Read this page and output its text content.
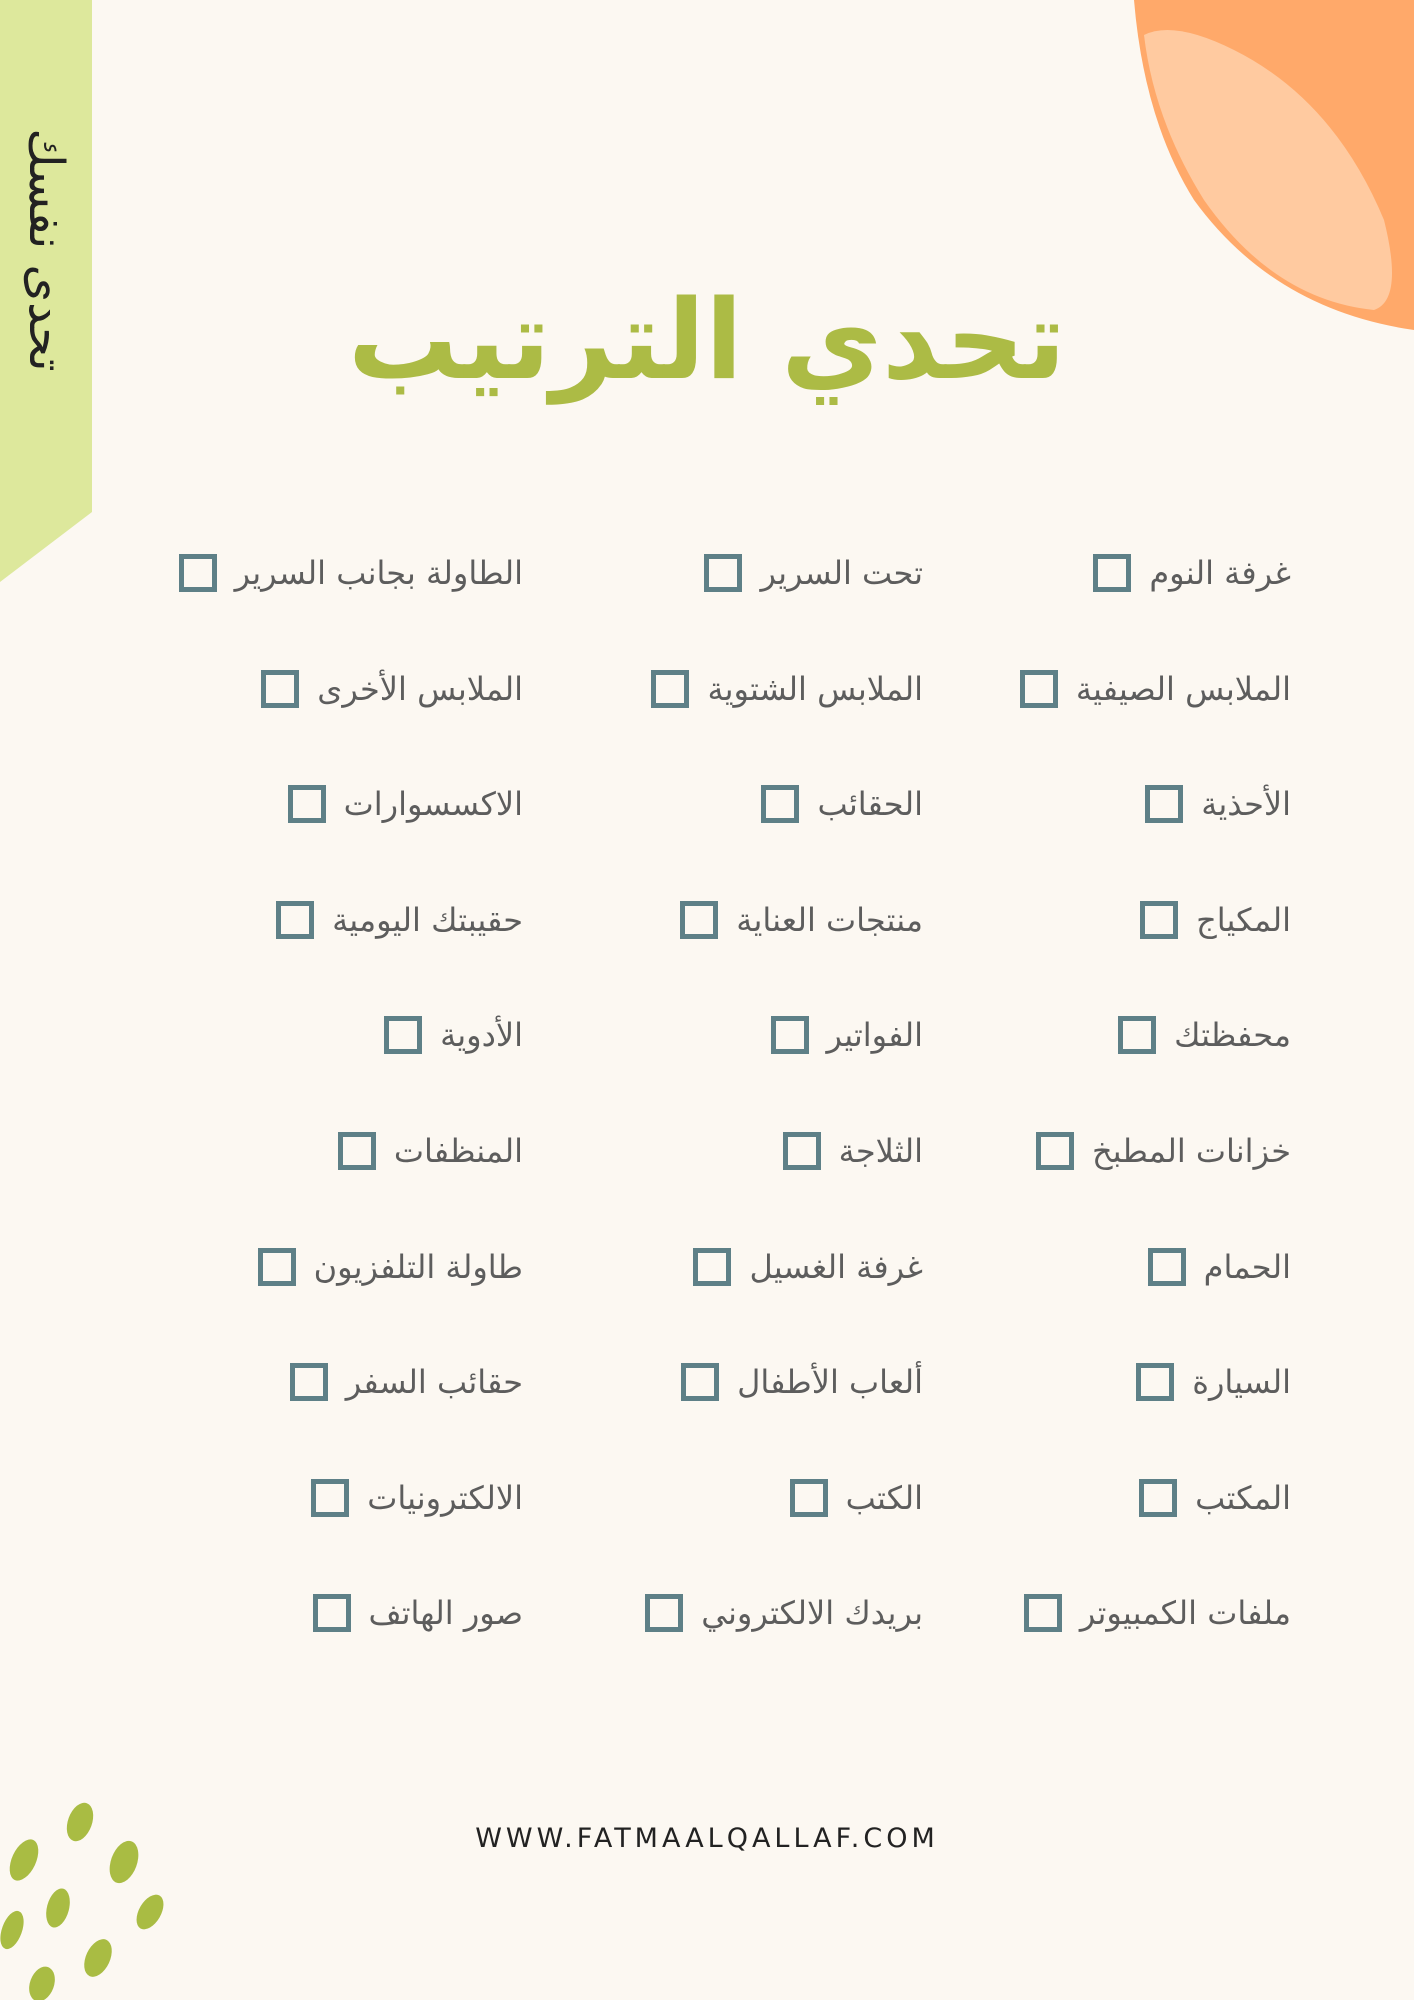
تحدى نفسك	تحدي الترتيب
غرفة النوم
الملابس الصيفية
الأحذية
المكياج
محفظتك
خزانات المطبخ
الحمام
السيارة
المكتب
ملفات الكمبيوتر
تحت السرير
الملابس الشتوية
الحقائب
منتجات العناية
الفواتير
الثلاجة
غرفة الغسيل
ألعاب الأطفال
الكتب
بريدك الالكتروني
الطاولة بجانب السرير
الملابس الأخرى
الاكسسوارات
حقيبتك اليومية
الأدوية
المنظفات
طاولة التلفزيون
حقائب السفر
الالكترونيات
صور الهاتف
WWW.FATMAALQALLAF.COM
